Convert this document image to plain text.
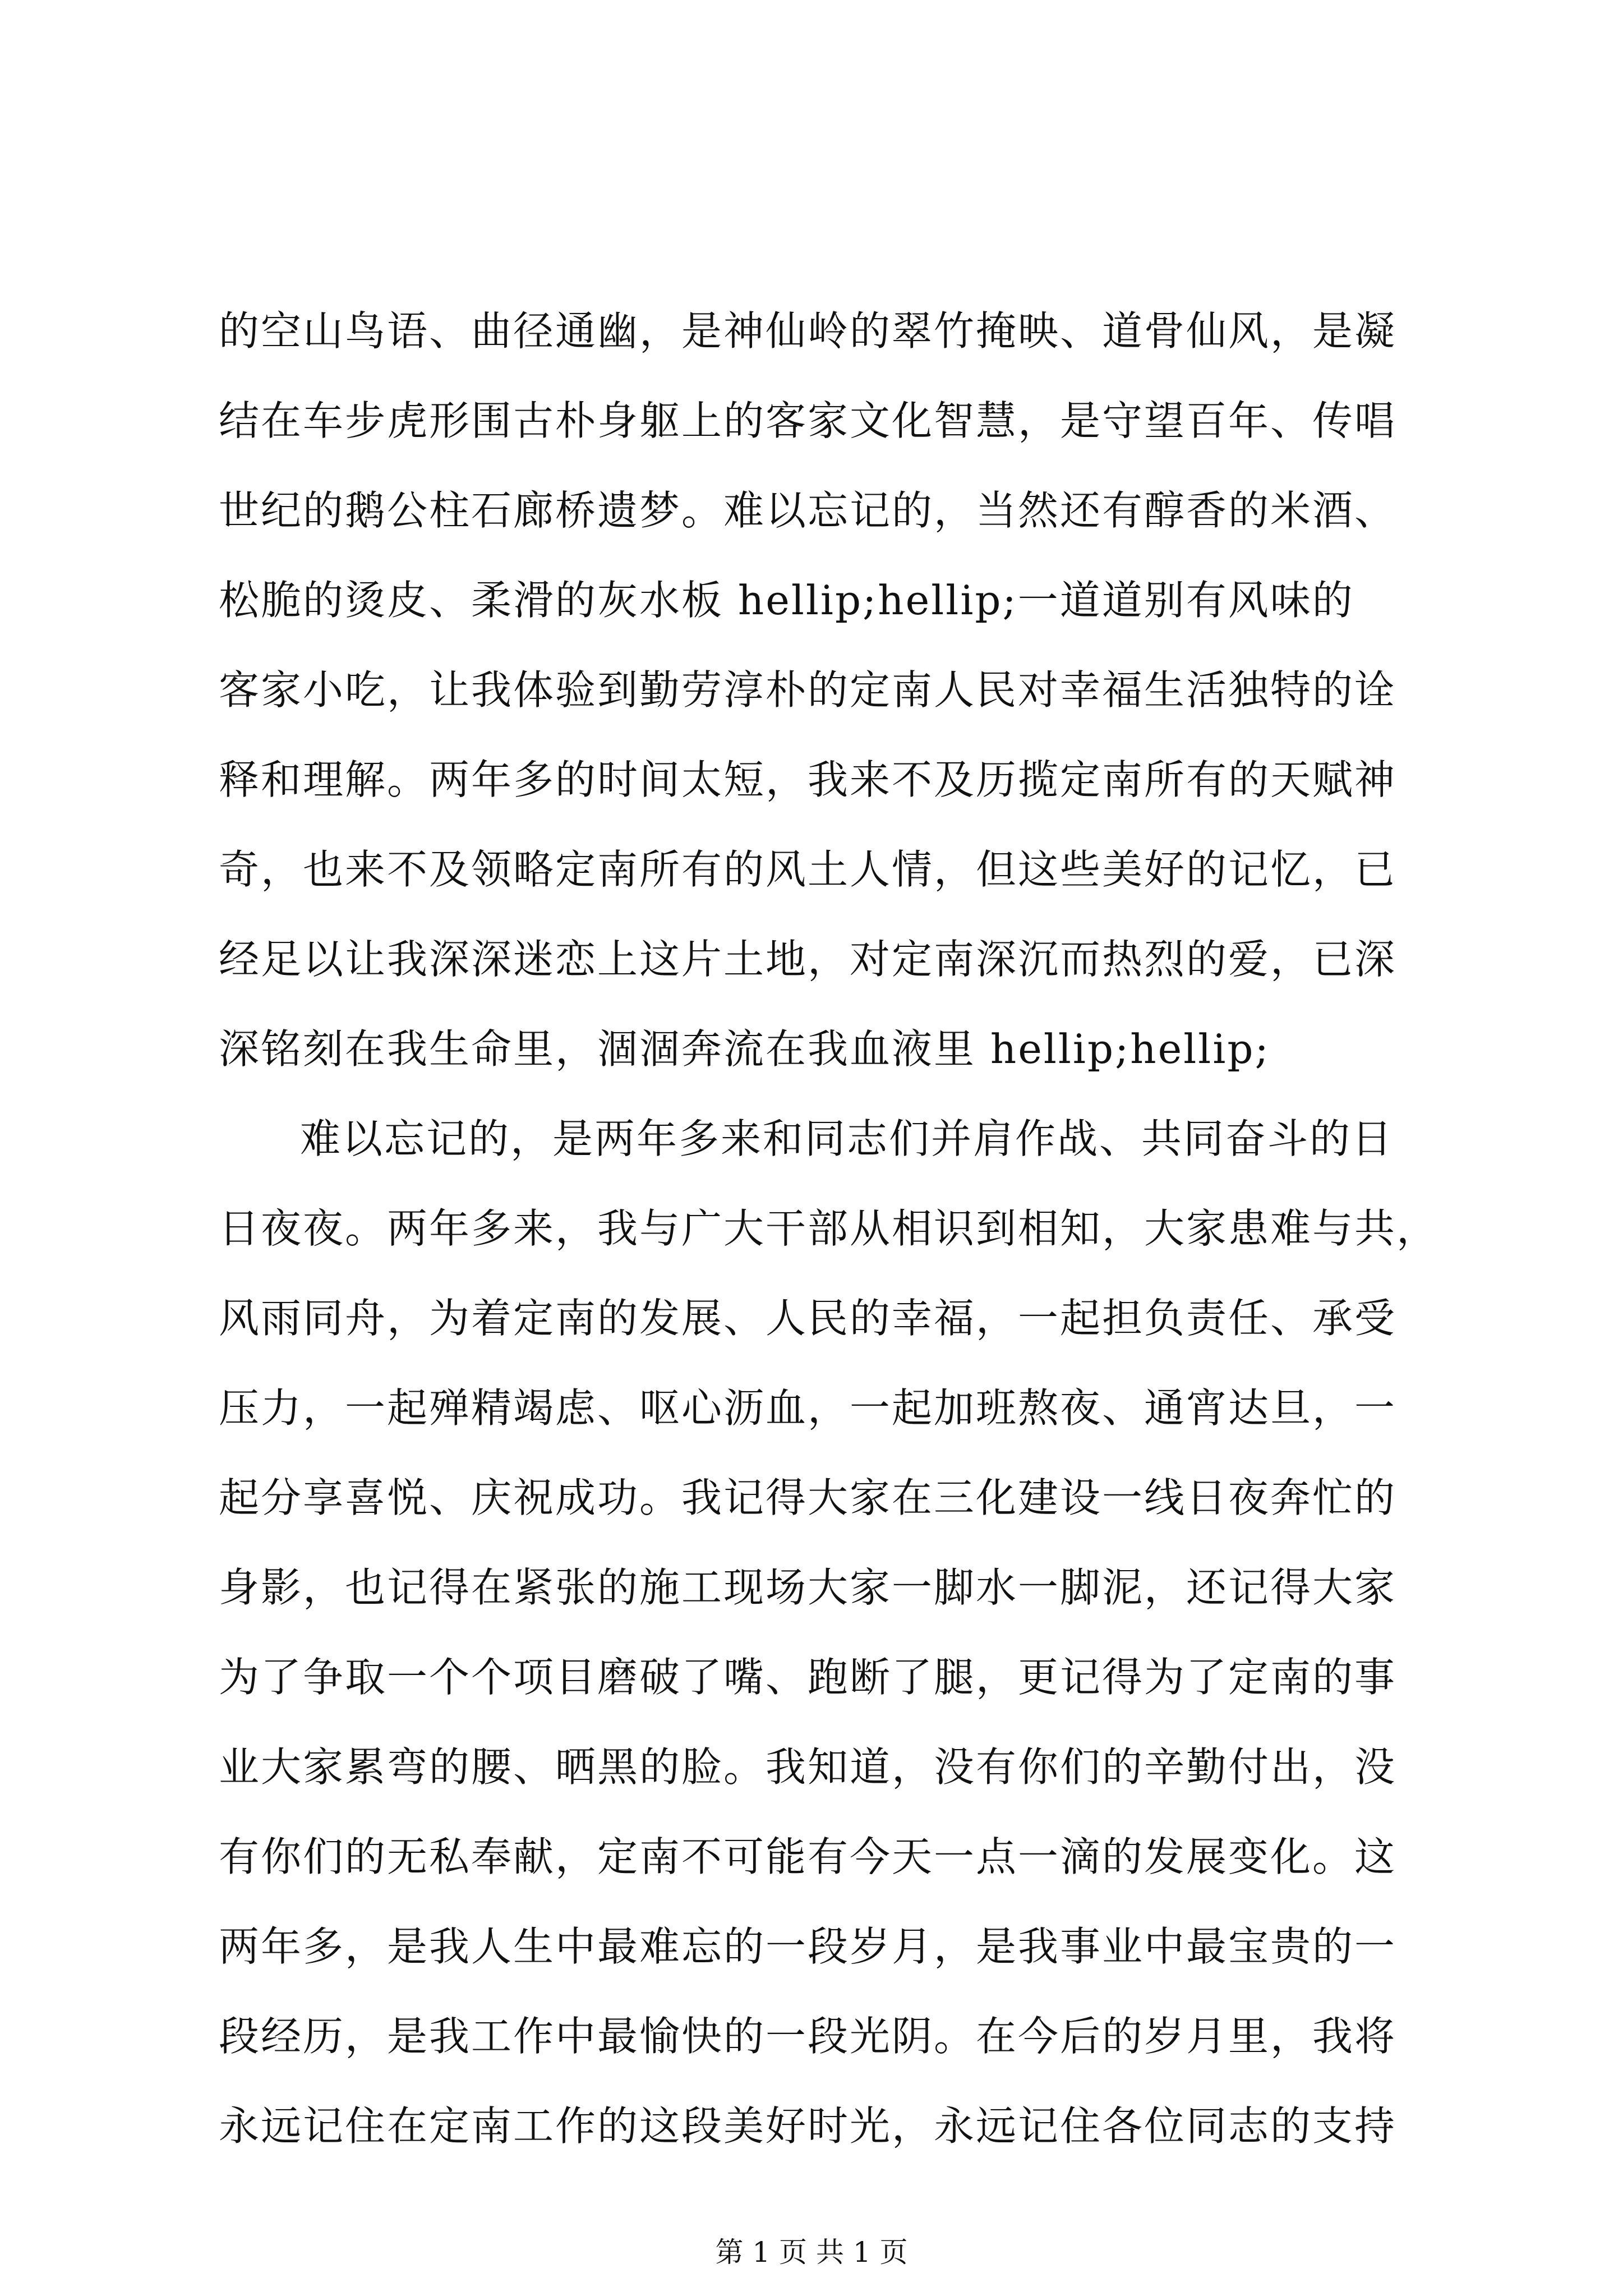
的空山鸟语、曲径通幽，是神仙岭的翠竹掩映、道骨仙风，是凝
结在车步虎形围古朴身躯上的客家文化智慧，是守望百年、传唱
世纪的鹅公柱石廊桥遗梦。难以忘记的，当然还有醇香的米酒、
松脆的烫皮、柔滑的灰水板 hellip;hellip;一道道别有风味的
客家小吃，让我体验到勤劳淳朴的定南人民对幸福生活独特的诠
释和理解。两年多的时间太短，我来不及历揽定南所有的天赋神
奇，也来不及领略定南所有的风土人情，但这些美好的记忆，已
经足以让我深深迷恋上这片土地，对定南深沉而热烈的爱，已深
深铭刻在我生命里，涸涸奔流在我血液里 hellip;hellip;
难以忘记的，是两年多来和同志们并肩作战、共同奋斗的日
日夜夜。两年多来，我与广大干部从相识到相知，大家患难与共，
风雨同舟，为着定南的发展、人民的幸福，一起担负责任、承受
压力，一起殚精竭虑、呕心沥血，一起加班熬夜、通宵达旦，一
起分享喜悦、庆祝成功。我记得大家在三化建设一线日夜奔忙的
身影，也记得在紧张的施工现场大家一脚水一脚泥，还记得大家
为了争取一个个项目磨破了嘴、跑断了腿，更记得为了定南的事
业大家累弯的腰、晒黑的脸。我知道，没有你们的辛勤付出，没
有你们的无私奉献，定南不可能有今天一点一滴的发展变化。这
两年多，是我人生中最难忘的一段岁月，是我事业中最宝贵的一
段经历，是我工作中最愉快的一段光阴。在今后的岁月里，我将
永远记住在定南工作的这段美好时光，永远记住各位同志的支持
第 1 页 共 1 页
